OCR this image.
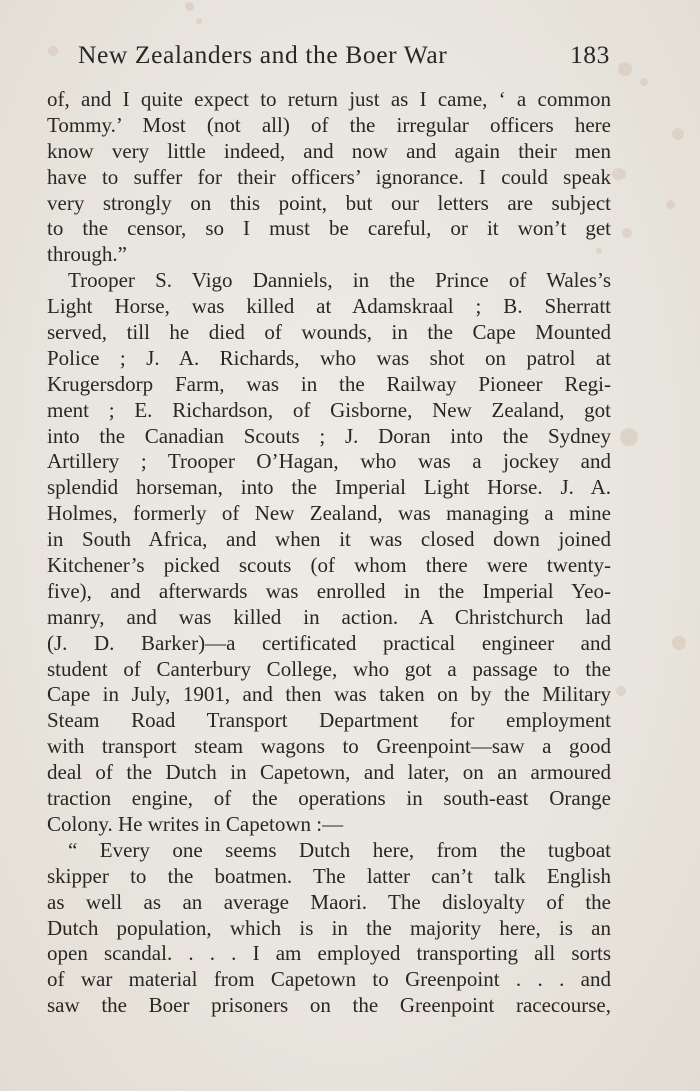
New Zealanders and the Boer War	183
of, and I quite expect to return just as I came, ‘ a common
Tommy.’ Most (not all) of the irregular officers here
know very little indeed, and now and again their men
have to suffer for their officers’ ignorance. I could speak
very strongly on this point, but our letters are subject
to the censor, so I must be careful, or it won’t get
through.”
Trooper S. Vigo Danniels, in the Prince of Wales’s
Light Horse, was killed at Adamskraal ; B. Sherratt
served, till he died of wounds, in the Cape Mounted
Police ; J. A. Richards, who was shot on patrol at
Krugersdorp Farm, was in the Railway Pioneer Regi-
ment ; E. Richardson, of Gisborne, New Zealand, got
into the Canadian Scouts ; J. Doran into the Sydney
Artillery ; Trooper O’Hagan, who was a jockey and
splendid horseman, into the Imperial Light Horse. J. A.
Holmes, formerly of New Zealand, was managing a mine
in South Africa, and when it was closed down joined
Kitchener’s picked scouts (of whom there were twenty-
five), and afterwards was enrolled in the Imperial Yeo-
manry, and was killed in action. A Christchurch lad
(J. D. Barker)—a certificated practical engineer and
student of Canterbury College, who got a passage to the
Cape in July, 1901, and then was taken on by the Military
Steam Road Transport Department for employment
with transport steam wagons to Greenpoint—saw a good
deal of the Dutch in Capetown, and later, on an armoured
traction engine, of the operations in south-east Orange
Colony. He writes in Capetown :—
“ Every one seems Dutch here, from the tugboat
skipper to the boatmen. The latter can’t talk English
as well as an average Maori. The disloyalty of the
Dutch population, which is in the majority here, is an
open scandal. . . . I am employed transporting all sorts
of war material from Capetown to Greenpoint . . . and
saw the Boer prisoners on the Greenpoint racecourse,
